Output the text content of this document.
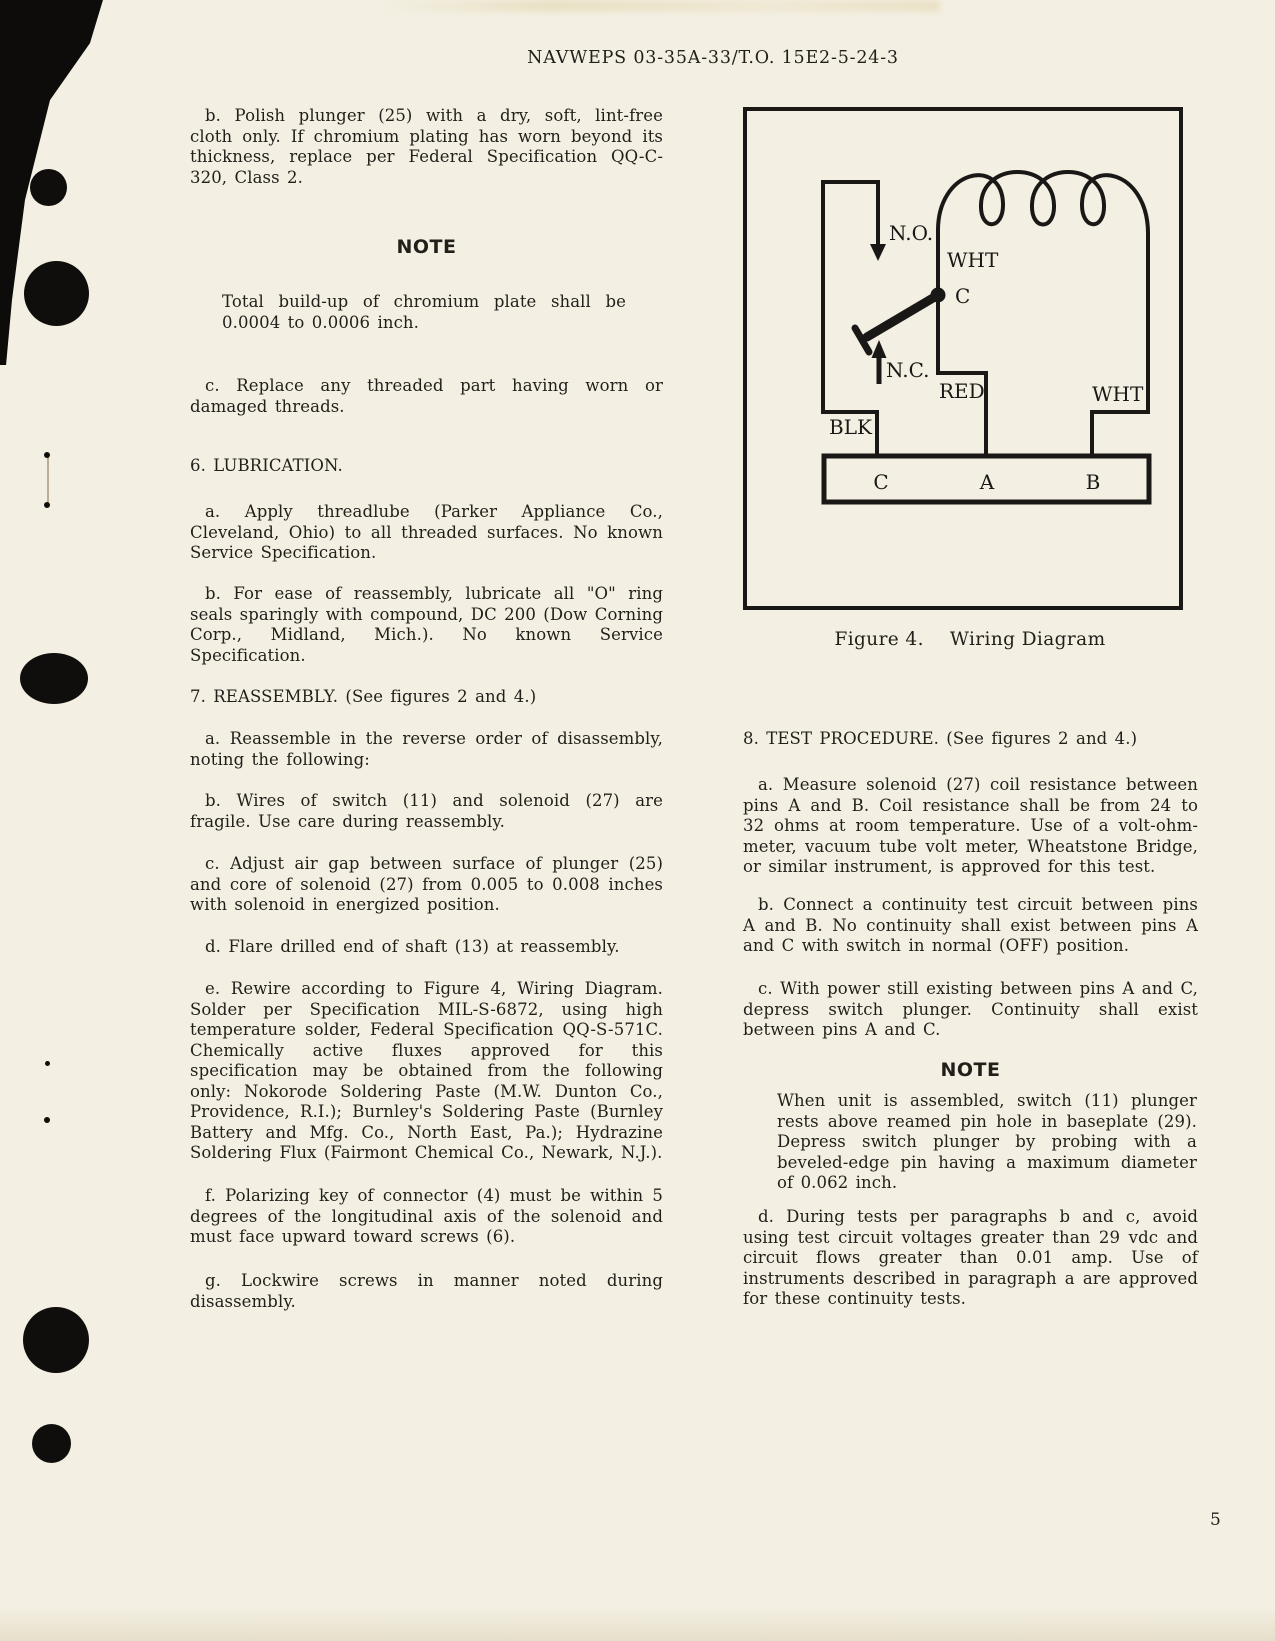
NAVWEPS 03-35A-33/T.O. 15E2-5-24-3

b. Polish plunger (25) with a dry, soft, lint-free cloth only. If chromium plating has worn beyond its thickness, replace per Federal Specification QQ-C-320, Class 2.

NOTE

Total build-up of chromium plate shall be 0.0004 to 0.0006 inch.

c. Replace any threaded part having worn or damaged threads.

6. LUBRICATION.

a. Apply threadlube (Parker Appliance Co., Cleveland, Ohio) to all threaded surfaces. No known Service Specification.

b. For ease of reassembly, lubricate all "O" ring seals sparingly with compound, DC 200 (Dow Corning Corp., Midland, Mich.). No known Service Specification.

7. REASSEMBLY. (See figures 2 and 4.)

a. Reassemble in the reverse order of disassembly, noting the following:

b. Wires of switch (11) and solenoid (27) are fragile. Use care during reassembly.

c. Adjust air gap between surface of plunger (25) and core of solenoid (27) from 0.005 to 0.008 inches with solenoid in energized position.

d. Flare drilled end of shaft (13) at reassembly.

e. Rewire according to Figure 4, Wiring Diagram. Solder per Specification MIL-S-6872, using high temperature solder, Federal Specification QQ-S-571C. Chemically active fluxes approved for this specification may be obtained from the following only: Nokorode Soldering Paste (M.W. Dunton Co., Providence, R.I.); Burnley's Soldering Paste (Burnley Battery and Mfg. Co., North East, Pa.); Hydrazine Soldering Flux (Fairmont Chemical Co., Newark, N.J.).

f. Polarizing key of connector (4) must be within 5 degrees of the longitudinal axis of the solenoid and must face upward toward screws (6).

g. Lockwire screws in manner noted during disassembly.

N.O.
WHT
C
N.C.
RED	WHT
BLK
C	A	B

Figure 4. Wiring Diagram

8. TEST PROCEDURE. (See figures 2 and 4.)

a. Measure solenoid (27) coil resistance between pins A and B. Coil resistance shall be from 24 to 32 ohms at room temperature. Use of a volt-ohm-meter, vacuum tube volt meter, Wheatstone Bridge, or similar instrument, is approved for this test.

b. Connect a continuity test circuit between pins A and B. No continuity shall exist between pins A and C with switch in normal (OFF) position.

c. With power still existing between pins A and C, depress switch plunger. Continuity shall exist between pins A and C.

NOTE

When unit is assembled, switch (11) plunger rests above reamed pin hole in baseplate (29). Depress switch plunger by probing with a beveled-edge pin having a maximum diameter of 0.062 inch.

d. During tests per paragraphs b and c, avoid using test circuit voltages greater than 29 vdc and circuit flows greater than 0.01 amp. Use of instruments described in paragraph a are approved for these continuity tests.

5
